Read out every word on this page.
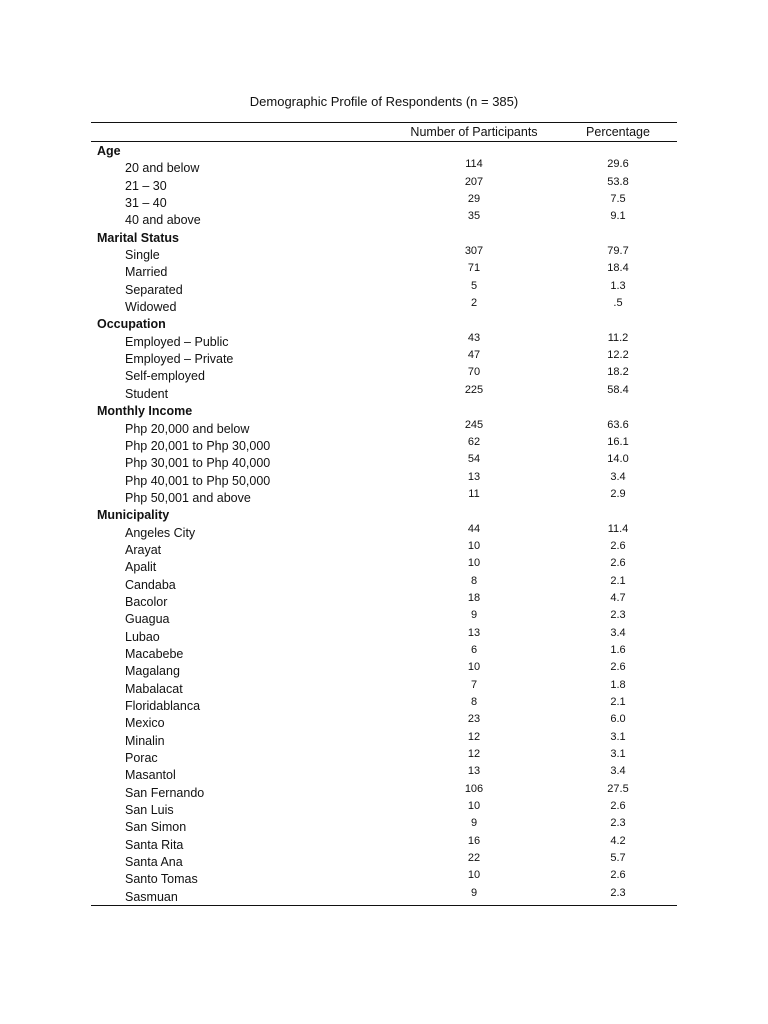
Demographic Profile of Respondents (n = 385)
Number of Participants	Percentage
Age
20 and below	114	29.6
21 – 30	207	53.8
31 – 40	29	7.5
40 and above	35	9.1
Marital Status
Single	307	79.7
Married	71	18.4
Separated	5	1.3
Widowed	2	.5
Occupation
Employed – Public	43	11.2
Employed – Private	47	12.2
Self-employed	70	18.2
Student	225	58.4
Monthly Income
Php 20,000 and below	245	63.6
Php 20,001 to Php 30,000	62	16.1
Php 30,001 to Php 40,000	54	14.0
Php 40,001 to Php 50,000	13	3.4
Php 50,001 and above	11	2.9
Municipality
Angeles City	44	11.4
Arayat	10	2.6
Apalit	10	2.6
Candaba	8	2.1
Bacolor	18	4.7
Guagua	9	2.3
Lubao	13	3.4
Macabebe	6	1.6
Magalang	10	2.6
Mabalacat	7	1.8
Floridablanca	8	2.1
Mexico	23	6.0
Minalin	12	3.1
Porac	12	3.1
Masantol	13	3.4
San Fernando	106	27.5
San Luis	10	2.6
San Simon	9	2.3
Santa Rita	16	4.2
Santa Ana	22	5.7
Santo Tomas	10	2.6
Sasmuan	9	2.3
